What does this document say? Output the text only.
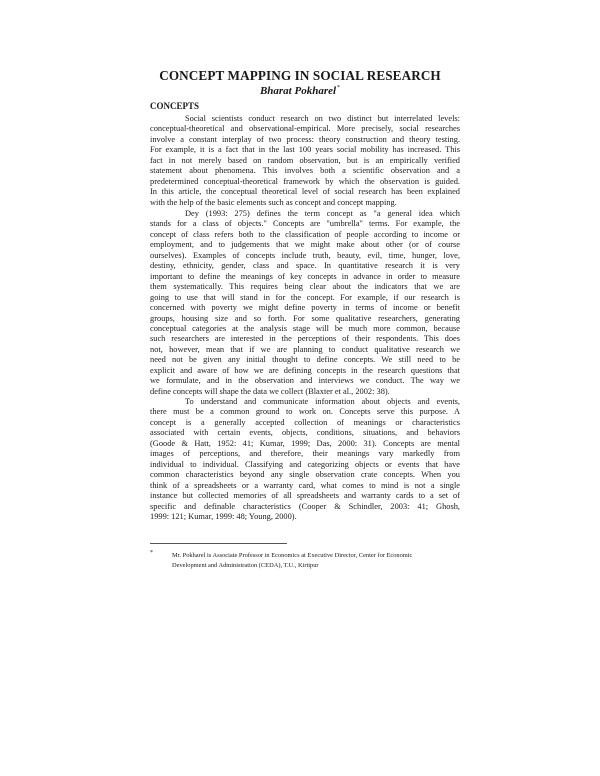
CONCEPT MAPPING IN SOCIAL RESEARCH
Bharat Pokharel*
CONCEPTS
Social scientists conduct research on two distinct but interrelated levels:
conceptual-theoretical and observational-empirical. More precisely, social researches
involve a constant interplay of two process: theory construction and theory testing.
For example, it is a fact that in the last 100 years social mobility has increased. This
fact in not merely based on random observation, but is an empirically verified
statement about phenomena. This involves both a scientific observation and a
predetermined conceptual-theoretical framework by which the observation is guided.
In this article, the conceptual theoretical level of social research has been explained
with the help of the basic elements such as concept and concept mapping.
Dey (1993: 275) defines the term concept as "a general idea which
stands for a class of objects." Concepts are "umbrella" terms. For example, the
concept of class refers both to the classification of people according to income or
employment, and to judgements that we might make about other (or of course
ourselves). Examples of concepts include truth, beauty, evil, time, hunger, love,
destiny, ethnicity, gender, class and space. In quantitative research it is very
important to define the meanings of key concepts in advance in order to measure
them systematically. This requires being clear about the indicators that we are
going to use that will stand in for the concept. For example, if our research is
concerned with poverty we might define poverty in terms of income or benefit
groups, housing size and so forth. For some qualitative researchers, generating
conceptual categories at the analysis stage will be much more common, because
such researchers are interested in the perceptions of their respondents. This does
not, however, mean that if we are planning to conduct qualitative research we
need not be given any initial thought to define concepts. We still need to be
explicit and aware of how we are defining concepts in the research questions that
we formulate, and in the observation and interviews we conduct. The way we
define concepts will shape the data we collect (Blaxter et al., 2002: 38).
To understand and communicate information about objects and events,
there must be a common ground to work on. Concepts serve this purpose. A
concept is a generally accepted collection of meanings or characteristics
associated with certain events, objects, conditions, situations, and behaviors
(Goode & Hatt, 1952: 41; Kumar, 1999; Das, 2000: 31). Concepts are mental
images of perceptions, and therefore, their meanings vary markedly from
individual to individual. Classifying and categorizing objects or events that have
common characteristics beyond any single observation crate concepts. When you
think of a spreadsheets or a warranty card, what comes to mind is not a single
instance but collected memories of all spreadsheets and warranty cards to a set of
specific and definable characteristics (Cooper & Schindler, 2003: 41; Ghosh,
1999: 121; Kumar, 1999: 48; Young, 2000).
*	Mr. Pokharel is Associate Professor in Economics at Executive Director, Center for Economic
Development and Administration (CEDA), T.U., Kirtipur
